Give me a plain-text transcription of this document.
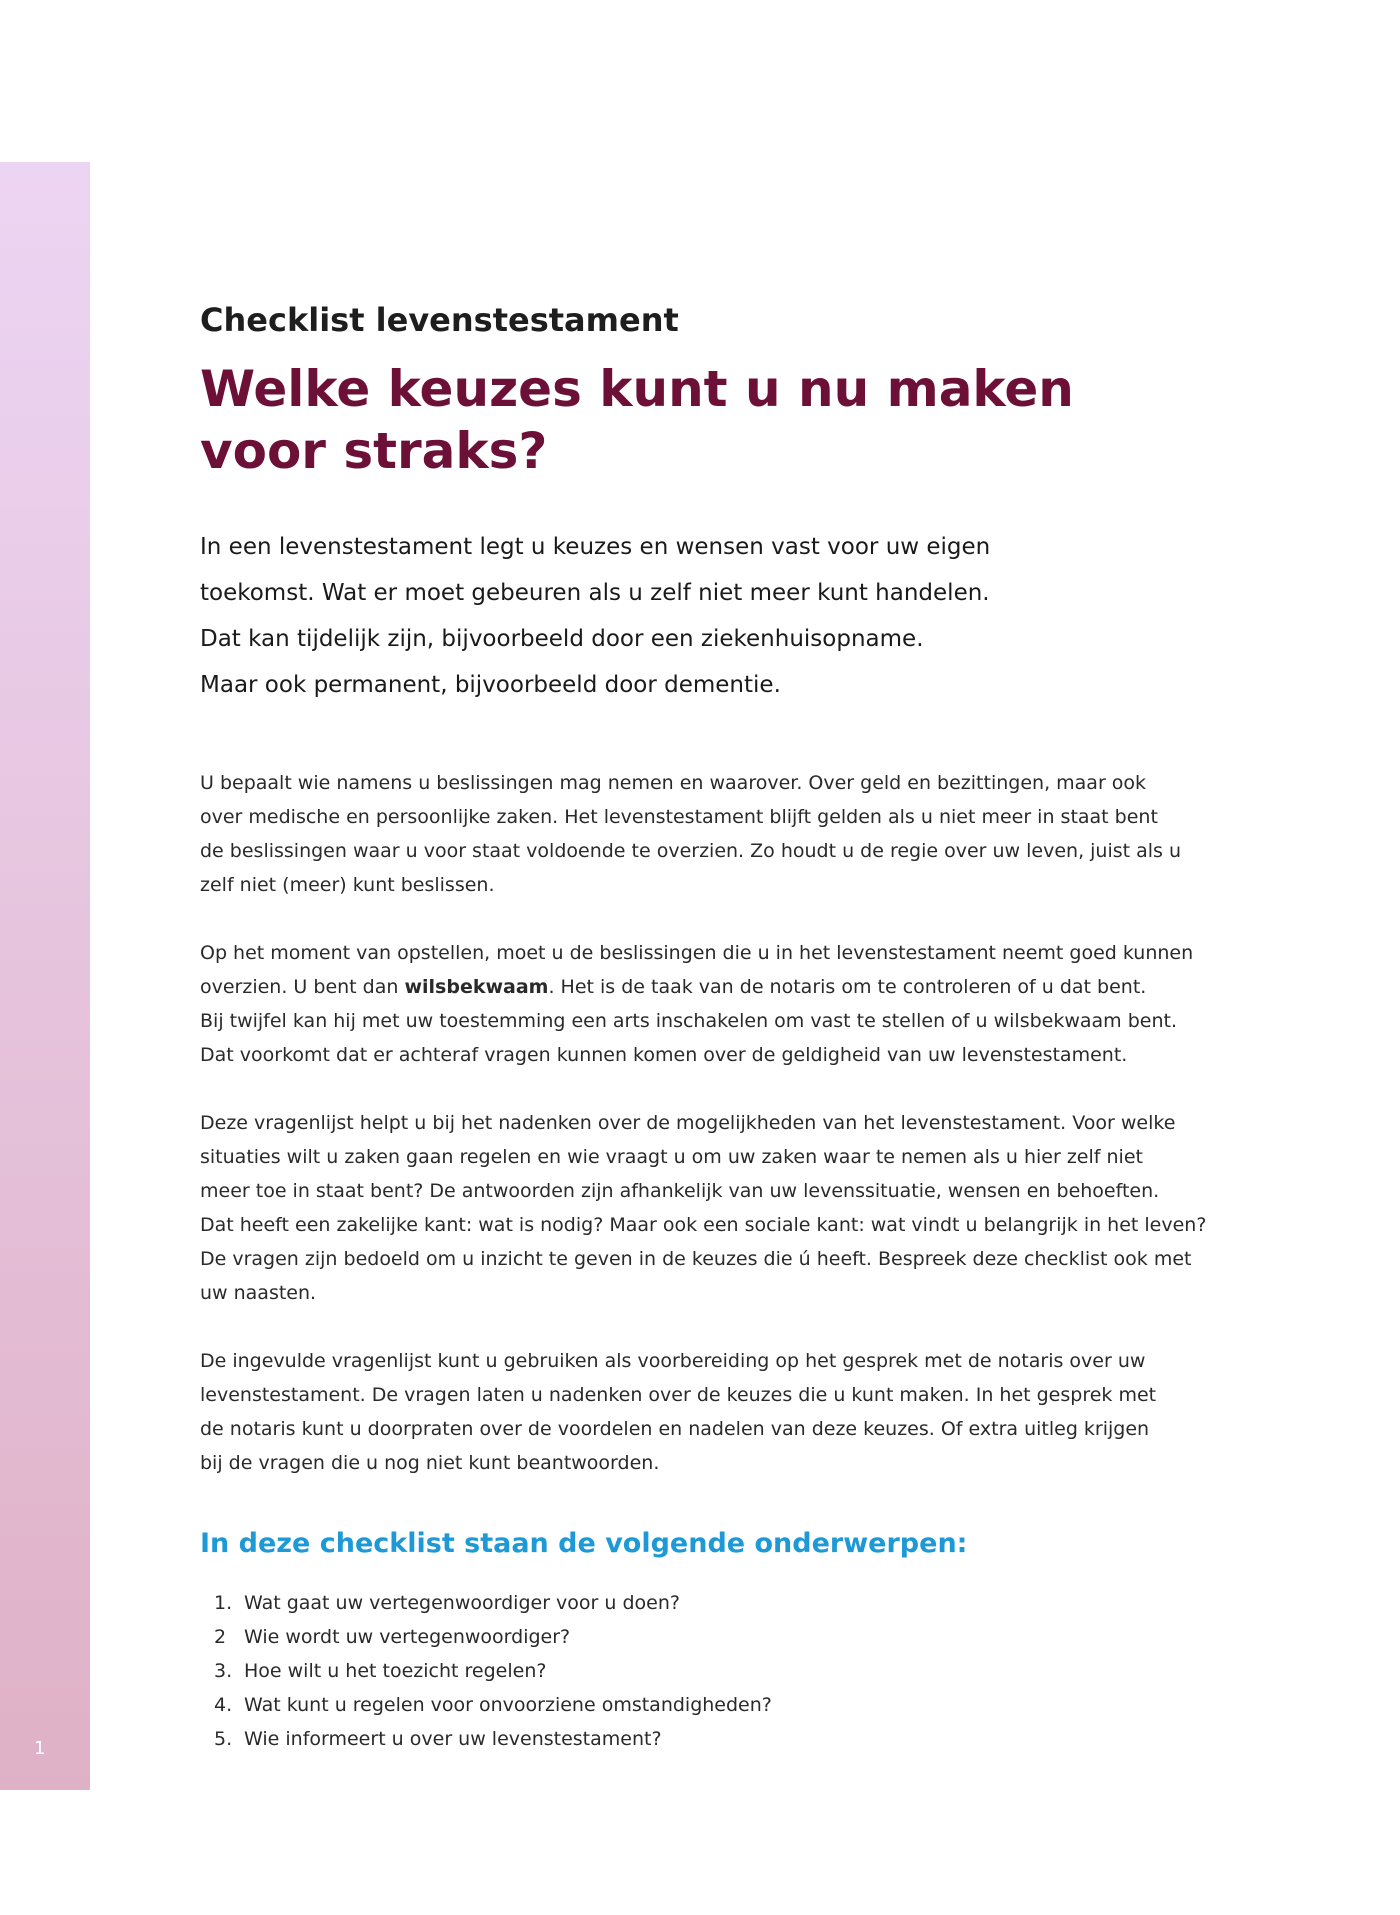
1
Checklist levenstestament
Welke keuzes kunt u nu maken
voor straks?
In een levenstestament legt u keuzes en wensen vast voor uw eigen
toekomst. Wat er moet gebeuren als u zelf niet meer kunt handelen.
Dat kan tijdelijk zijn, bijvoorbeeld door een ziekenhuisopname.
Maar ook permanent, bijvoorbeeld door dementie.

U bepaalt wie namens u beslissingen mag nemen en waarover. Over geld en bezittingen, maar ook
over medische en persoonlijke zaken. Het levenstestament blijft gelden als u niet meer in staat bent
de beslissingen waar u voor staat voldoende te overzien. Zo houdt u de regie over uw leven, juist als u
zelf niet (meer) kunt beslissen.

Op het moment van opstellen, moet u de beslissingen die u in het levenstestament neemt goed kunnen
overzien. U bent dan wilsbekwaam. Het is de taak van de notaris om te controleren of u dat bent.
Bij twijfel kan hij met uw toestemming een arts inschakelen om vast te stellen of u wilsbekwaam bent.
Dat voorkomt dat er achteraf vragen kunnen komen over de geldigheid van uw levenstestament.

Deze vragenlijst helpt u bij het nadenken over de mogelijkheden van het levenstestament. Voor welke
situaties wilt u zaken gaan regelen en wie vraagt u om uw zaken waar te nemen als u hier zelf niet
meer toe in staat bent? De antwoorden zijn afhankelijk van uw levenssituatie, wensen en behoeften.
Dat heeft een zakelijke kant: wat is nodig? Maar ook een sociale kant: wat vindt u belangrijk in het leven?
De vragen zijn bedoeld om u inzicht te geven in de keuzes die ú heeft. Bespreek deze checklist ook met
uw naasten.

De ingevulde vragenlijst kunt u gebruiken als voorbereiding op het gesprek met de notaris over uw
levenstestament. De vragen laten u nadenken over de keuzes die u kunt maken. In het gesprek met
de notaris kunt u doorpraten over de voordelen en nadelen van deze keuzes. Of extra uitleg krijgen
bij de vragen die u nog niet kunt beantwoorden.

In deze checklist staan de volgende onderwerpen:
1. Wat gaat uw vertegenwoordiger voor u doen?
2 Wie wordt uw vertegenwoordiger?
3. Hoe wilt u het toezicht regelen?
4. Wat kunt u regelen voor onvoorziene omstandigheden?
5. Wie informeert u over uw levenstestament?
